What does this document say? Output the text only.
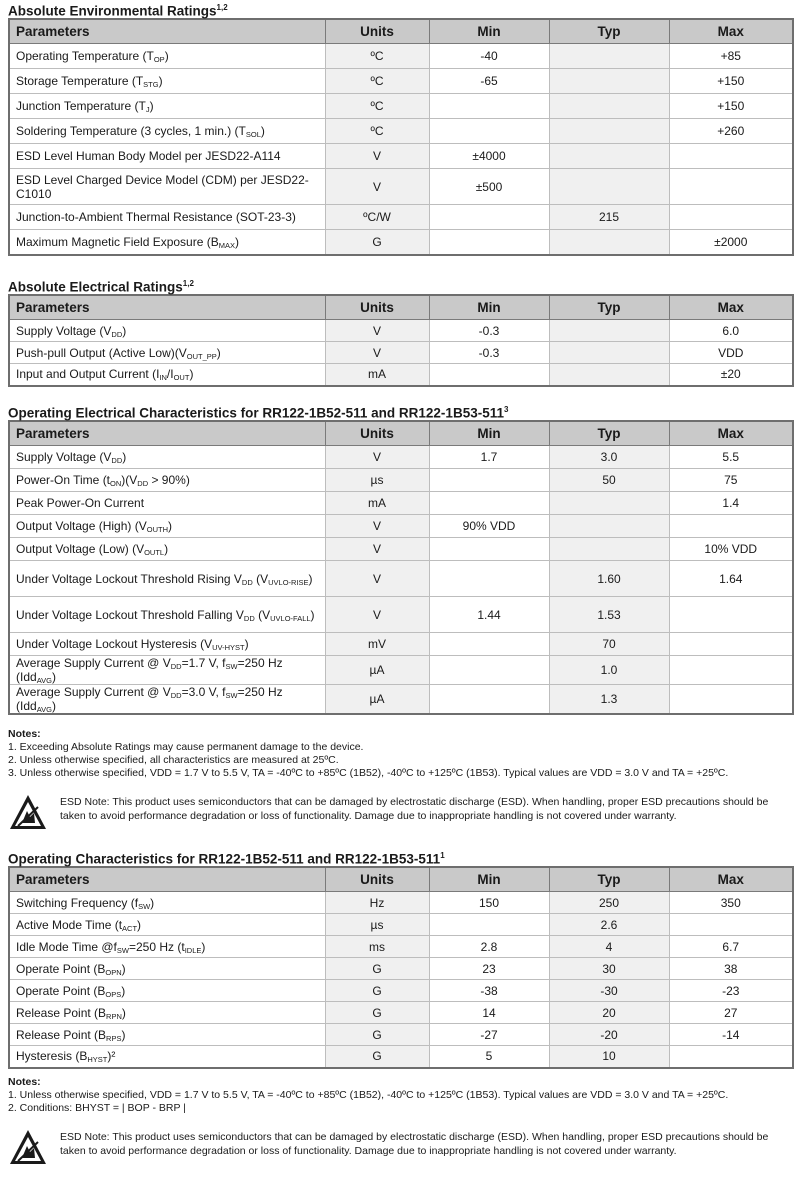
Absolute Environmental Ratings$^{1,2}$
Parameters	Units	Min	Typ	Max
Operating Temperature $(T_{OP})$	ºC	-40		+85
Storage Temperature $(T_{STG})$	ºC	-65		+150
Junction Temperature $(T_J)$	ºC			+150
Soldering Temperature (3 cycles, 1 min.) $(T_{SOL})$	ºC			+260
ESD Level Human Body Model per JESD22-A114	V	±4000		
ESD Level Charged Device Model (CDM) per JESD22-C1010	V	±500		
Junction-to-Ambient Thermal Resistance (SOT-23-3)	ºC/W		215	
Maximum Magnetic Field Exposure $(B_{MAX})$	G			±2000
Absolute Electrical Ratings$^{1,2}$
Parameters	Units	Min	Typ	Max
Supply Voltage $(V_{DD})$	V	-0.3		6.0
Push-pull Output (Active $Low)(V_{OUT\_PP})$	V	-0.3		VDD
Input and Output Current $(I_{IN}/I_{OUT})$	mA			±20
Operating Electrical Characteristics for RR122-1B52-511 and $RR122-1B53-511^3$
Parameters	Units	Min	Typ	Max
Supply Voltage $(V_{DD})$	V	1.7	3.0	5.5
Power-On Time $(t_{ON})(V_{DD} > 90\%)$	µs		50	75
Peak Power-On Current	mA			1.4
Output Voltage (High) $(V_{OUTH})$	V	90% VDD		
Output Voltage (Low) $(V_{OUTL})$	V			10% VDD
Under Voltage Lockout Threshold Rising $V_{DD}$ $(V_{UVLO-RISE})$	V		1.60	1.64
Under Voltage Lockout Threshold Falling $V_{DD}$ $(V_{UVLO-FALL})$	V	1.44	1.53	
Under Voltage Lockout Hysteresis $(V_{UV-HYST})$	mV		70	
Average Supply Current @ $V_{DD}=1.7$ V, $f_{SW}=250$ Hz (Idd$_{AVG}$)	µA		1.0	
Average Supply Current @ $V_{DD}=3.0$ V, $f_{SW}=250$ Hz (Idd$_{AVG}$)	µA		1.3	
Notes:
1. Exceeding Absolute Ratings may cause permanent damage to the device.
2. Unless otherwise specified, all characteristics are measured at 25ºC.
3. Unless otherwise specified, VDD = 1.7 V to 5.5 V, TA = -40ºC to +85ºC (1B52), -40ºC to +125ºC (1B53). Typical values are VDD = 3.0 V and TA = +25ºC.
ESD Note: This product uses semiconductors that can be damaged by electrostatic discharge (ESD). When handling, proper ESD precautions should be taken to avoid performance degradation or loss of functionality. Damage due to inappropriate handling is not covered under warranty.
Operating Characteristics for RR122-1B52-511 and $RR122-1B53-511^1$
Parameters	Units	Min	Typ	Max
Switching Frequency $(f_{SW})$	Hz	150	250	350
Active Mode Time $(t_{ACT})$	µs		2.6	
Idle Mode Time $@f_{SW}=250$ Hz $(t_{IDLE})$	ms	2.8	4	6.7
Operate Point $(B_{OPN})$	G	23	30	38
Operate Point $(B_{OPS})$	G	-38	-30	-23
Release Point $(B_{RPN})$	G	14	20	27
Release Point $(B_{RPS})$	G	-27	-20	-14
Hysteresis $(B_{HYST})^2$	G	5	10	
Notes:
1. Unless otherwise specified, VDD = 1.7 V to 5.5 V, TA = -40ºC to +85ºC (1B52), -40ºC to +125ºC (1B53). Typical values are VDD = 3.0 V and TA = +25ºC.
2. Conditions: BHYST = | BOP - BRP |
ESD Note: This product uses semiconductors that can be damaged by electrostatic discharge (ESD). When handling, proper ESD precautions should be taken to avoid performance degradation or loss of functionality. Damage due to inappropriate handling is not covered under warranty.
